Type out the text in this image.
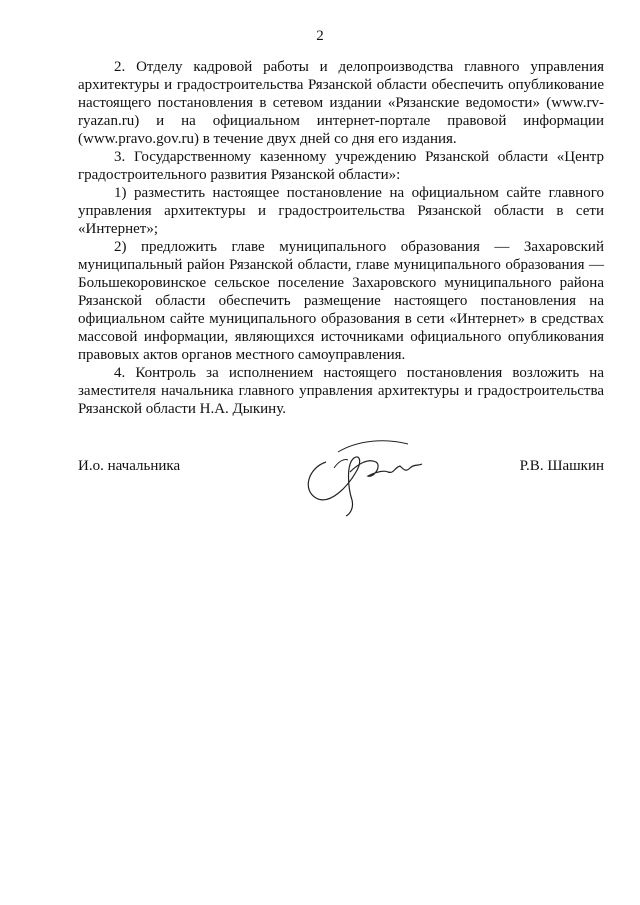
2

2. Отделу кадровой работы и делопроизводства главного управления архитектуры и градостроительства Рязанской области обеспечить опубликование настоящего постановления в сетевом издании «Рязанские ведомости» (www.rv-ryazan.ru) и на официальном интернет-портале правовой информации (www.pravo.gov.ru) в течение двух дней со дня его издания.

3. Государственному казенному учреждению Рязанской области «Центр градостроительного развития Рязанской области»:

1) разместить настоящее постановление на официальном сайте главного управления архитектуры и градостроительства Рязанской области в сети «Интернет»;

2) предложить главе муниципального образования — Захаровский муниципальный район Рязанской области, главе муниципального образования — Большекоровинское сельское поселение Захаровского муниципального района Рязанской области обеспечить размещение настоящего постановления на официальном сайте муниципального образования в сети «Интернет» в средствах массовой информации, являющихся источниками официального опубликования правовых актов органов местного самоуправления.

4. Контроль за исполнением настоящего постановления возложить на заместителя начальника главного управления архитектуры и градостроительства Рязанской области Н.А. Дыкину.

И.о. начальника	Р.В. Шашкин
